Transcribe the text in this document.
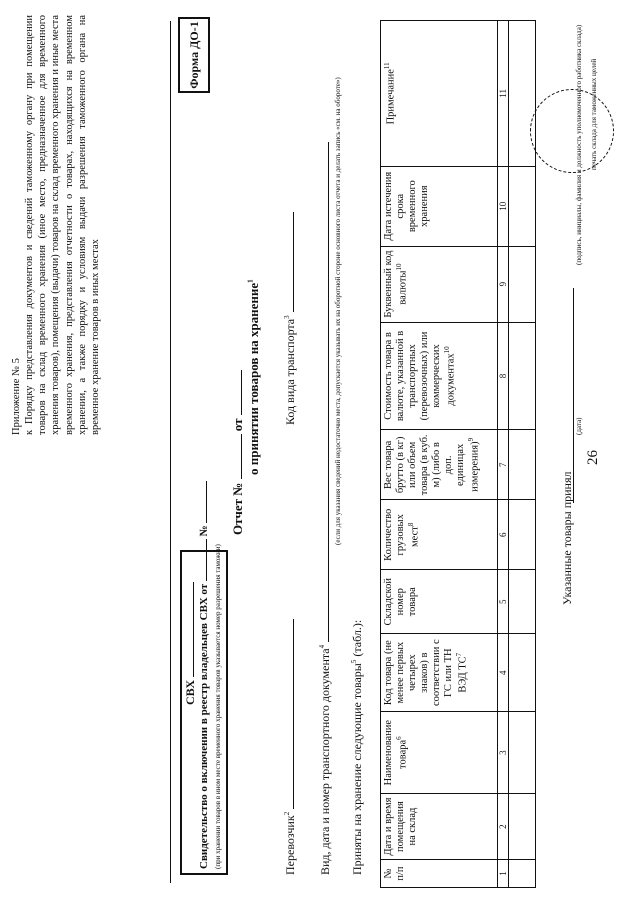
26
Приложение № 5 к Порядку представления документов и сведений таможенному органу при помещении товаров на склад временного хранения (иное место, предназначенное для временного хранения товаров), помещения (выдачи) товаров на склад временного хранения и иные места временного хранения, представления отчетности о товарах, находящихся на временном хранении, а также порядку и условиям выдачи разрешения таможенного органа на временное хранение товаров в иных местах
Форма ДО-1
СВХ Свидетельство о включении в реестр владельцев СВХ от  №
(при хранении товаров в ином месте временного хранения товаров указывается номер разрешения таможни)
Отчет №  от о принятии товаров на хранение$^1$
Перевозчик$^2$
Код вида транспорта$^3$
Вид, дата и номер транспортного документа$^4$
(если для указания сведений недостаточно места, допускается указывать их на оборотной стороне основного листа отчета и делать запись «см. на обороте»)
Приняты на хранение следующие товары$^5$ (табл.):
№ п/п	Дата и время помещения на склад	Наименование товара$^6$	Код товара (не менее первых четырех знаков) в соответствии с ГС или ТН ВЭД $ТС^7$	Складской номер товара	Количество грузовых мест$^8$	Вес товара брутто (в кг) или объем товара (в куб. м) (либо в доп. единицах измерения)$^9$	Стоимость товара в валюте, указанной в транспортных (перевозочных) или коммерческих документах$^{10}$	Буквенный код валюты$^{10}$	Дата истечения срока временного хранения	Примечание$^{11}$
1	2	3	4	5	6	7	8	9	10	11

Указанные товары принял
(дата)
(подпись, инициалы, фамилия и должность уполномоченного работника склада) печать склада для таможенных целей
